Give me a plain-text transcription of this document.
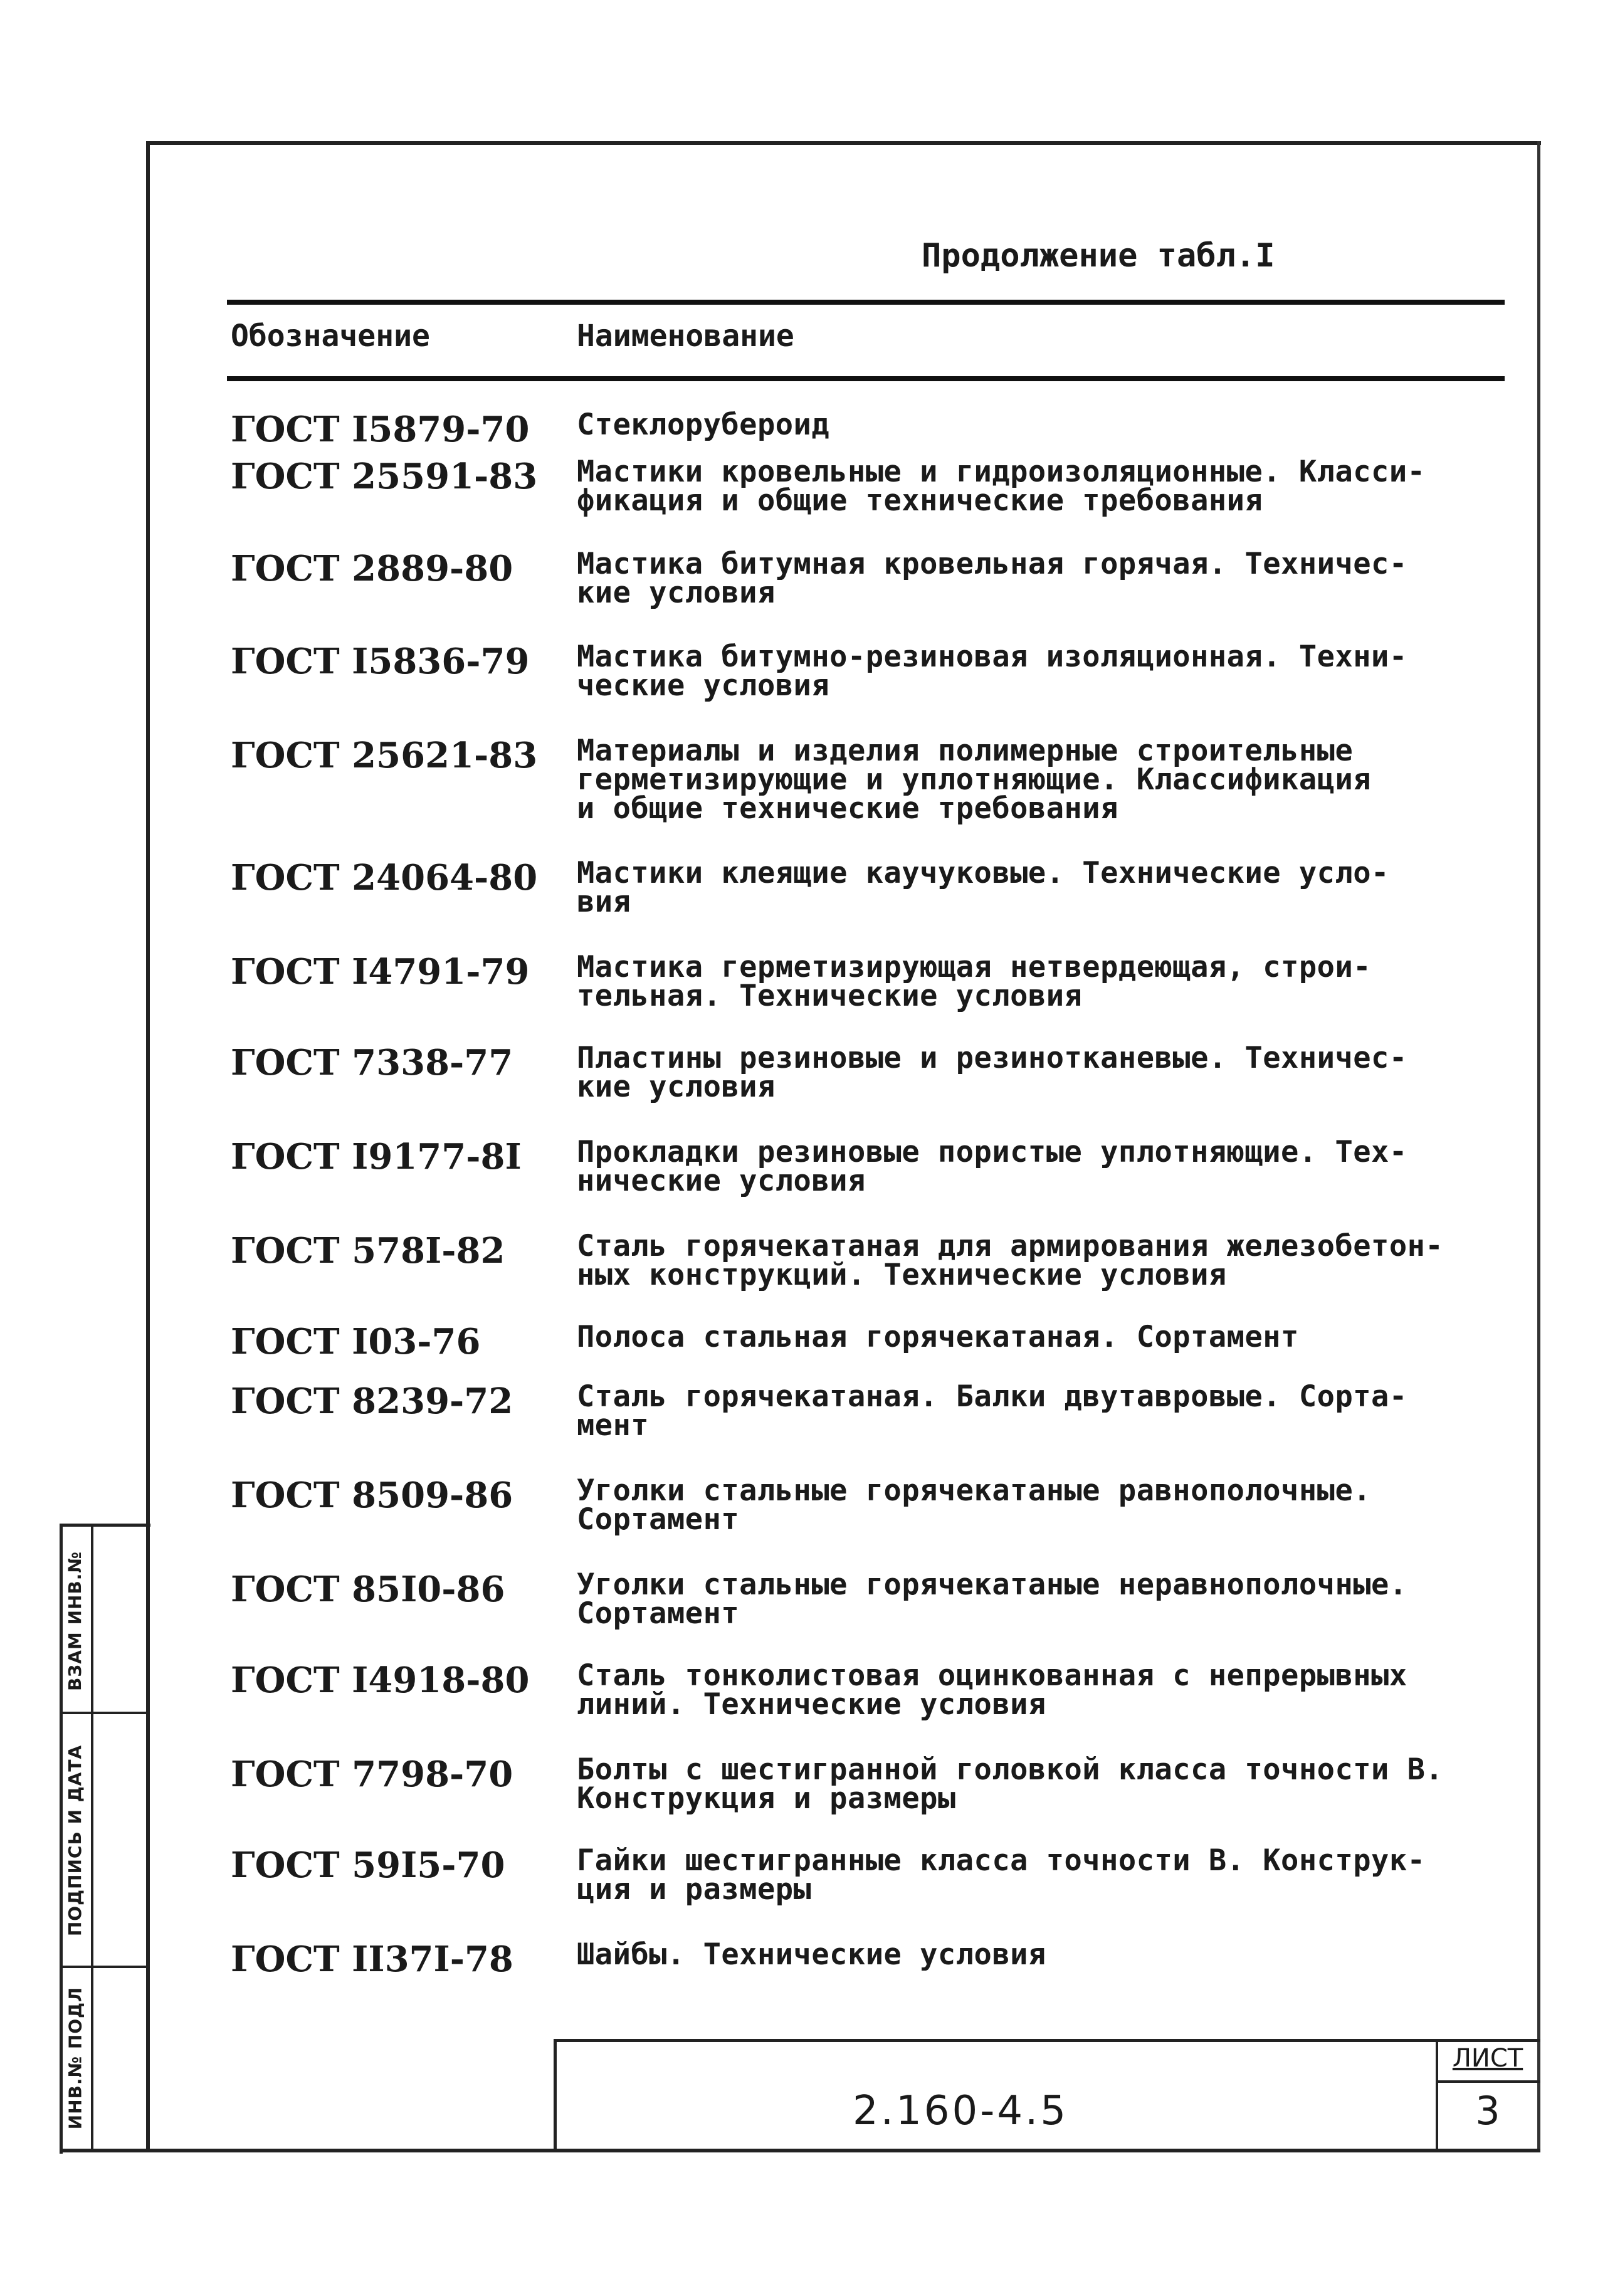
ВЗАМ ИНВ.№
ПОДПИСЬ И ДАТА
ИНВ.№ ПОДЛ
Продолжение табл.I
Обозначение	Наименование
ГОСТ I5879-70	Стеклорубероид
ГОСТ 25591-83	Мастики кровельные и гидроизоляционные. Класси-
фикация и общие технические требования
ГОСТ 2889-80	Мастика битумная кровельная горячая. Техничес-
кие условия
ГОСТ I5836-79	Мастика битумно-резиновая изоляционная. Техни-
ческие условия
ГОСТ 25621-83	Материалы и изделия полимерные строительные
герметизирующие и уплотняющие. Классификация
и общие технические требования
ГОСТ 24064-80	Мастики клеящие каучуковые. Технические усло-
вия
ГОСТ I4791-79	Мастика герметизирующая нетвердеющая, строи-
тельная. Технические условия
ГОСТ 7338-77	Пластины резиновые и резинотканевые. Техничес-
кие условия
ГОСТ I9177-8I	Прокладки резиновые пористые уплотняющие. Тех-
нические условия
ГОСТ 578I-82	Сталь горячекатаная для армирования железобетон-
ных конструкций. Технические условия
ГОСТ I03-76	Полоса стальная горячекатаная. Сортамент
ГОСТ 8239-72	Сталь горячекатаная. Балки двутавровые. Сорта-
мент
ГОСТ 8509-86	Уголки стальные горячекатаные равнополочные.
Сортамент
ГОСТ 85I0-86	Уголки стальные горячекатаные неравнополочные.
Сортамент
ГОСТ I4918-80	Сталь тонколистовая оцинкованная с непрерывных
линий. Технические условия
ГОСТ 7798-70	Болты с шестигранной головкой класса точности В.
Конструкция и размеры
ГОСТ 59I5-70	Гайки шестигранные класса точности В. Конструк-
ция и размеры
ГОСТ II37I-78	Шайбы. Технические условия
2.160-4.5
ЛИСТ
3
